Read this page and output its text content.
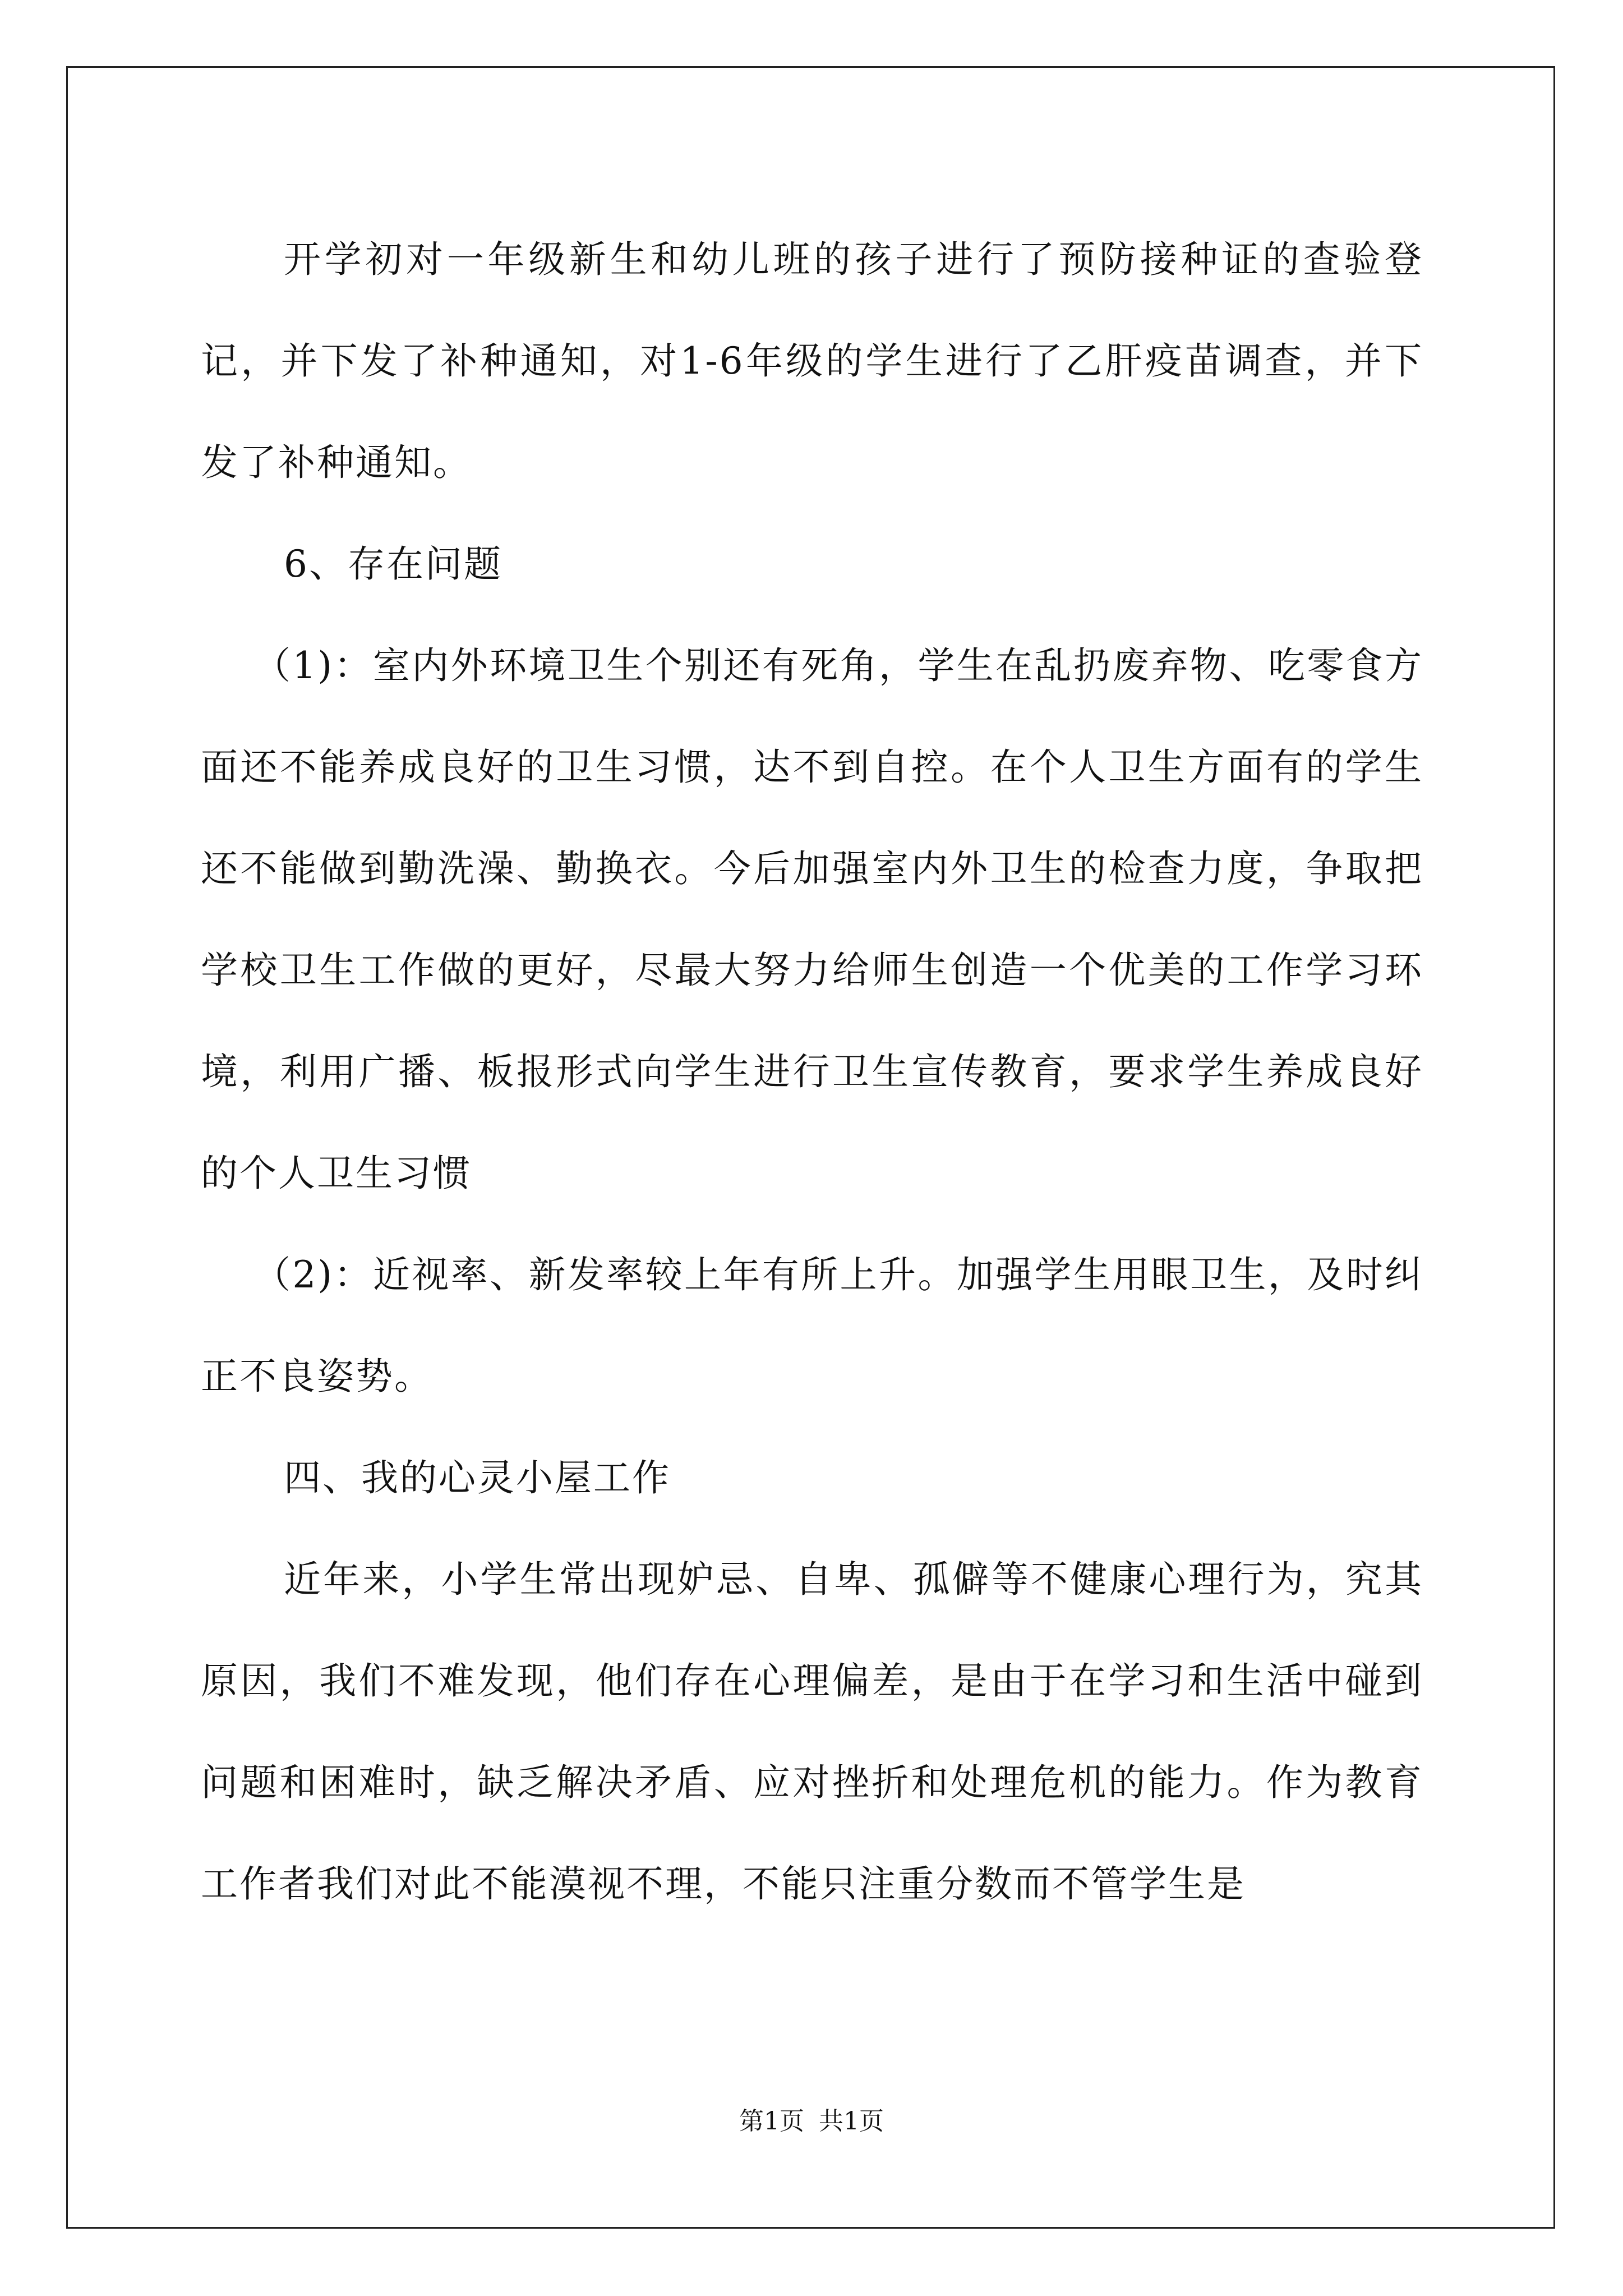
开学初对一年级新生和幼儿班的孩子进行了预防接种证的查验登记，并下发了补种通知，对1-6年级的学生进行了乙肝疫苗调查，并下发了补种通知。

6、存在问题

（1)：室内外环境卫生个别还有死角，学生在乱扔废弃物、吃零食方面还不能养成良好的卫生习惯，达不到自控。在个人卫生方面有的学生还不能做到勤洗澡、勤换衣。今后加强室内外卫生的检查力度，争取把学校卫生工作做的更好，尽最大努力给师生创造一个优美的工作学习环境，利用广播、板报形式向学生进行卫生宣传教育，要求学生养成良好的个人卫生习惯

（2)：近视率、新发率较上年有所上升。加强学生用眼卫生，及时纠正不良姿势。

四、我的心灵小屋工作

近年来，小学生常出现妒忌、自卑、孤僻等不健康心理行为，究其原因，我们不难发现，他们存在心理偏差，是由于在学习和生活中碰到问题和困难时，缺乏解决矛盾、应对挫折和处理危机的能力。作为教育工作者我们对此不能漠视不理，不能只注重分数而不管学生是

第1页 共1页
